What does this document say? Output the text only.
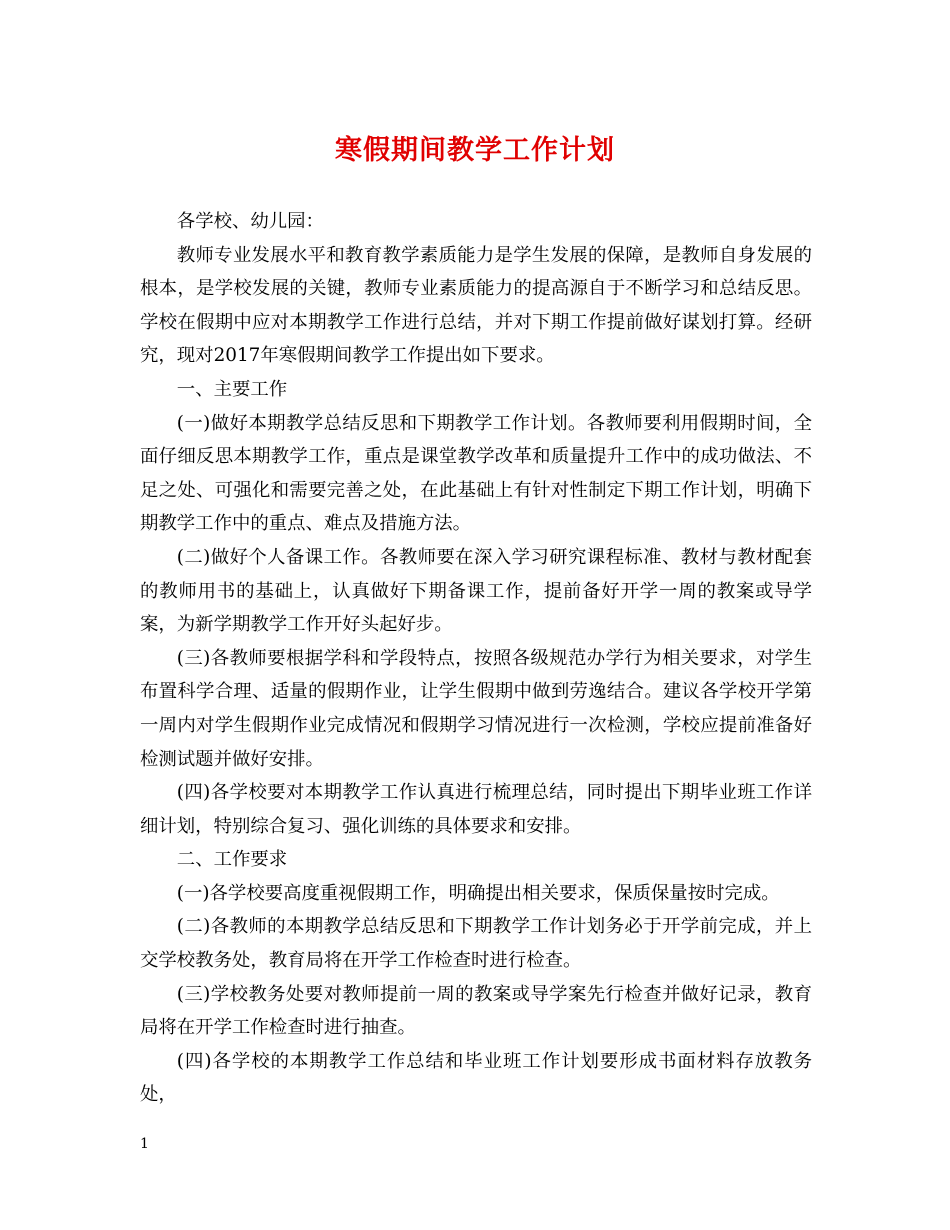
寒假期间教学工作计划

各学校、幼儿园：

教师专业发展水平和教育教学素质能力是学生发展的保障，是教师自身发展的根本，是学校发展的关键，教师专业素质能力的提高源自于不断学习和总结反思。学校在假期中应对本期教学工作进行总结，并对下期工作提前做好谋划打算。经研究，现对2017年寒假期间教学工作提出如下要求。

一、主要工作

(一)做好本期教学总结反思和下期教学工作计划。各教师要利用假期时间，全面仔细反思本期教学工作，重点是课堂教学改革和质量提升工作中的成功做法、不足之处、可强化和需要完善之处，在此基础上有针对性制定下期工作计划，明确下期教学工作中的重点、难点及措施方法。

(二)做好个人备课工作。各教师要在深入学习研究课程标准、教材与教材配套的教师用书的基础上，认真做好下期备课工作，提前备好开学一周的教案或导学案，为新学期教学工作开好头起好步。

(三)各教师要根据学科和学段特点，按照各级规范办学行为相关要求，对学生布置科学合理、适量的假期作业，让学生假期中做到劳逸结合。建议各学校开学第一周内对学生假期作业完成情况和假期学习情况进行一次检测，学校应提前准备好检测试题并做好安排。

(四)各学校要对本期教学工作认真进行梳理总结，同时提出下期毕业班工作详细计划，特别综合复习、强化训练的具体要求和安排。

二、工作要求

(一)各学校要高度重视假期工作，明确提出相关要求，保质保量按时完成。

(二)各教师的本期教学总结反思和下期教学工作计划务必于开学前完成，并上交学校教务处，教育局将在开学工作检查时进行检查。

(三)学校教务处要对教师提前一周的教案或导学案先行检查并做好记录，教育局将在开学工作检查时进行抽查。

(四)各学校的本期教学工作总结和毕业班工作计划要形成书面材料存放教务处，

1
